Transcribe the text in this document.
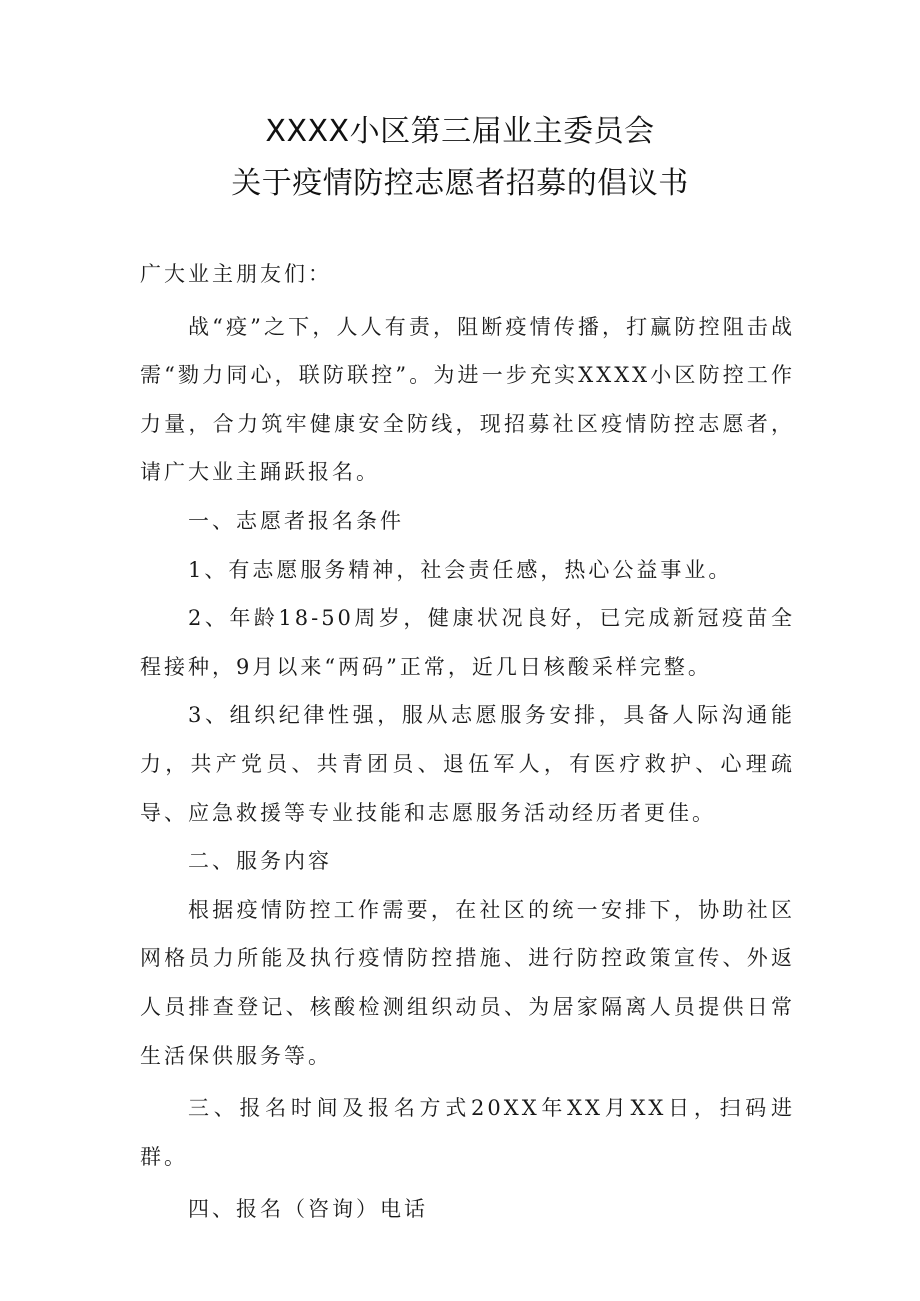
XXXX小区第三届业主委员会
关于疫情防控志愿者招募的倡议书

广大业主朋友们：

战“疫”之下，人人有责，阻断疫情传播，打赢防控阻击战需“勠力同心，联防联控”。为进一步充实XXXX小区防控工作力量，合力筑牢健康安全防线，现招募社区疫情防控志愿者，请广大业主踊跃报名。

一、志愿者报名条件

1、有志愿服务精神，社会责任感，热心公益事业。

2、年龄18-50周岁，健康状况良好，已完成新冠疫苗全程接种，9月以来“两码”正常，近几日核酸采样完整。

3、组织纪律性强，服从志愿服务安排，具备人际沟通能力，共产党员、共青团员、退伍军人，有医疗救护、心理疏导、应急救援等专业技能和志愿服务活动经历者更佳。

二、服务内容

根据疫情防控工作需要，在社区的统一安排下，协助社区网格员力所能及执行疫情防控措施、进行防控政策宣传、外返人员排查登记、核酸检测组织动员、为居家隔离人员提供日常生活保供服务等。

三、报名时间及报名方式20XX年XX月XX日，扫码进群。

四、报名（咨询）电话
